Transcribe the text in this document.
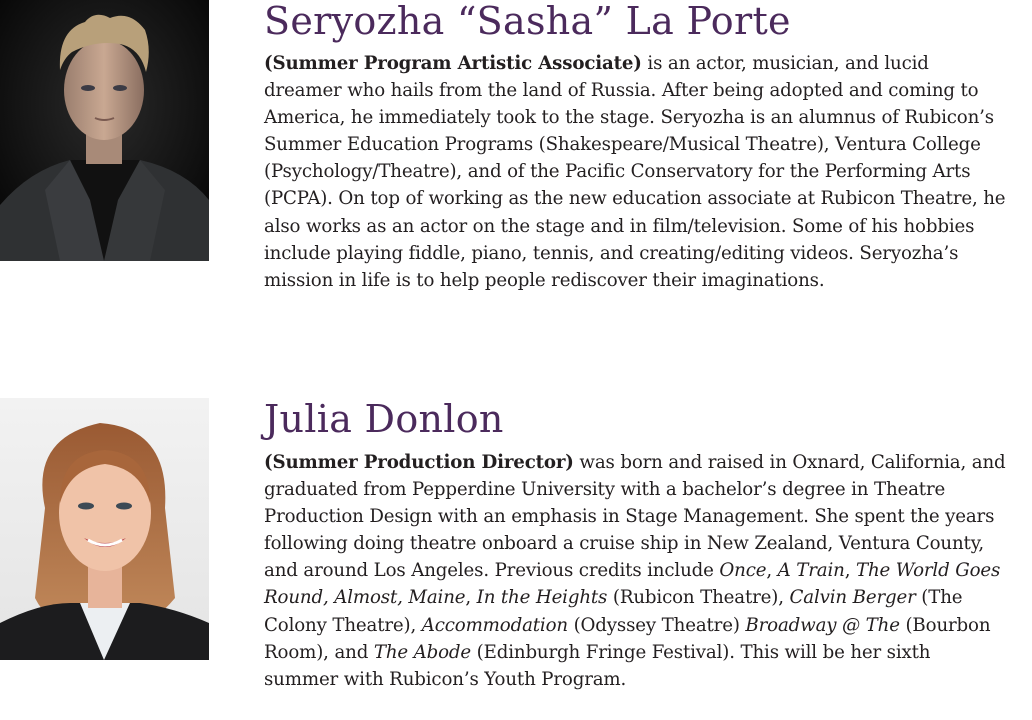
Seryozha “Sasha” La Porte

(Summer Program Artistic Associate) is an actor, musician, and lucid dreamer who hails from the land of Russia. After being adopted and coming to America, he immediately took to the stage. Seryozha is an alumnus of Rubicon’s Summer Education Programs (Shakespeare/Musical Theatre), Ventura College (Psychology/Theatre), and of the Pacific Conservatory for the Performing Arts (PCPA). On top of working as the new education associate at Rubicon Theatre, he also works as an actor on the stage and in film/television. Some of his hobbies include playing fiddle, piano, tennis, and creating/editing videos. Seryozha’s mission in life is to help people rediscover their imaginations.

Julia Donlon

(Summer Production Director) was born and raised in Oxnard, California, and graduated from Pepperdine University with a bachelor’s degree in Theatre Production Design with an emphasis in Stage Management. She spent the years following doing theatre onboard a cruise ship in New Zealand, Ventura County, and around Los Angeles. Previous credits include Once, A Train, The World Goes Round, Almost, Maine, In the Heights (Rubicon Theatre), Calvin Berger (The Colony Theatre), Accommodation (Odyssey Theatre) Broadway @ The (Bourbon Room), and The Abode (Edinburgh Fringe Festival). This will be her sixth summer with Rubicon’s Youth Program.
